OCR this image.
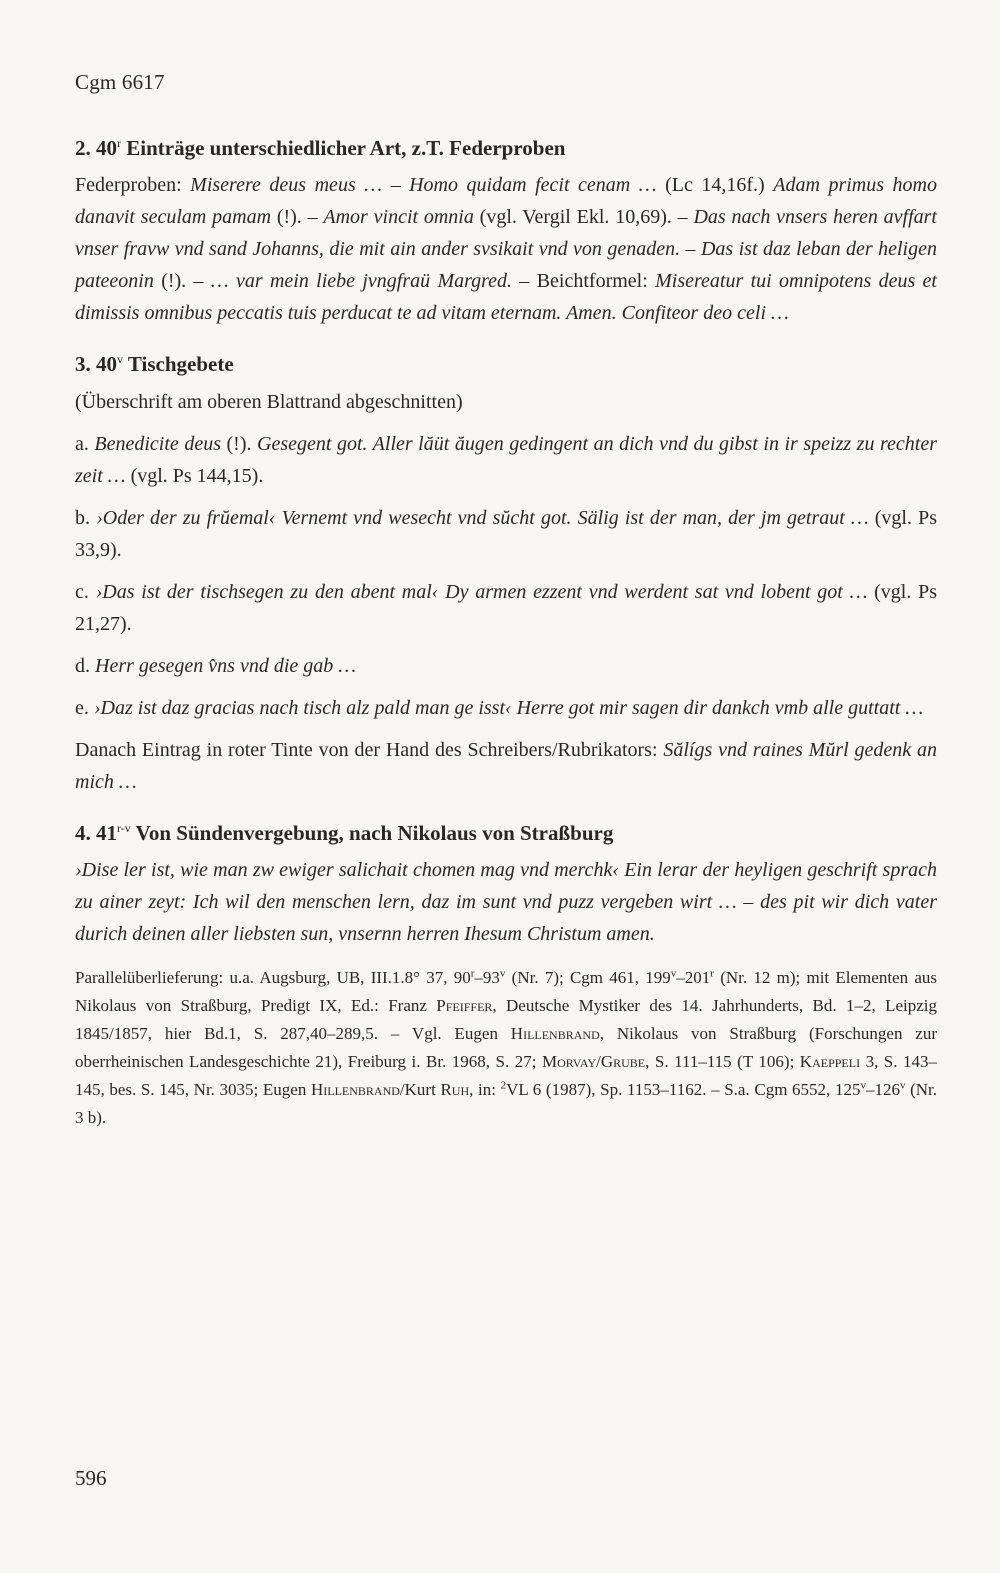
Cgm 6617
2. 40$^r$ Einträge unterschiedlicher Art, z.T. Federproben

Federproben: Miserere deus meus … – Homo quidam fecit cenam … (Lc 14,16f.) Adam primus homo danavit seculam pamam (!). – Amor vincit omnia (vgl. Vergil Ekl. 10,69). – Das nach vnsers heren avffart vnser fravw vnd sand Johanns, die mit ain ander svsikait vnd von genaden. – Das ist daz leban der heligen pateeonin (!). – … var mein liebe jvngfraü Margred. – Beichtformel: Misereatur tui omnipotens deus et dimissis omnibus peccatis tuis perducat te ad vitam eternam. Amen. Confiteor deo celi …

3. 40$^v$ Tischgebete

(Überschrift am oberen Blattrand abgeschnitten)

a. Benedicite deus (!). Gesegent got. Aller lăüt ăugen gedingent an dich vnd du gibst in ir speizz zu rechter zeit … (vgl. Ps 144,15).

b. ›Oder der zu frŭemal‹ Vernemt vnd wesecht vnd sŭcht got. Sälig ist der man, der jm getraut … (vgl. Ps 33,9).

c. ›Das ist der tischsegen zu den abent mal‹ Dy armen ezzent vnd werdent sat vnd lobent got … (vgl. Ps 21,27).

d. Herr gesegen v̂ns vnd die gab …

e. ›Daz ist daz gracias nach tisch alz pald man ge isst‹ Herre got mir sagen dir dankch vmb alle guttatt …

Danach Eintrag in roter Tinte von der Hand des Schreibers/Rubrikators: Sălígs vnd raines Mŭrl gedenk an mich …

4. 41$^{r-v}$ Von Sündenvergebung, nach Nikolaus von Straßburg

›Dise ler ist, wie man zw ewiger salichait chomen mag vnd merchk‹ Ein lerar der heyligen geschrift sprach zu ainer zeyt: Ich wil den menschen lern, daz im sunt vnd puzz vergeben wirt … – des pit wir dich vater durich deinen aller liebsten sun, vnsernn herren Ihesum Christum amen.

Parallelüberlieferung: u.a. Augsburg, UB, III.1.8° 37, 90$^r$–93$^v$ (Nr. 7); Cgm 461, 199$^v$–201$^r$ (Nr. 12 m); mit Elementen aus Nikolaus von Straßburg, Predigt IX, Ed.: Franz Pfeiffer, Deutsche Mystiker des 14. Jahrhunderts, Bd. 1–2, Leipzig 1845/1857, hier Bd.1, S. 287,40–289,5. – Vgl. Eugen Hillenbrand, Nikolaus von Straßburg (Forschungen zur oberrheinischen Landesgeschichte 21), Freiburg i. Br. 1968, S. 27; Morvay/Grube, S. 111–115 (T 106); Kaeppeli 3, S. 143–145, bes. S. 145, Nr. 3035; Eugen Hillenbrand/Kurt Ruh, in: $^2$VL 6 (1987), Sp. 1153–1162. – S.a. Cgm 6552, 125$^v$–126$^v$ (Nr. 3 b).

596
